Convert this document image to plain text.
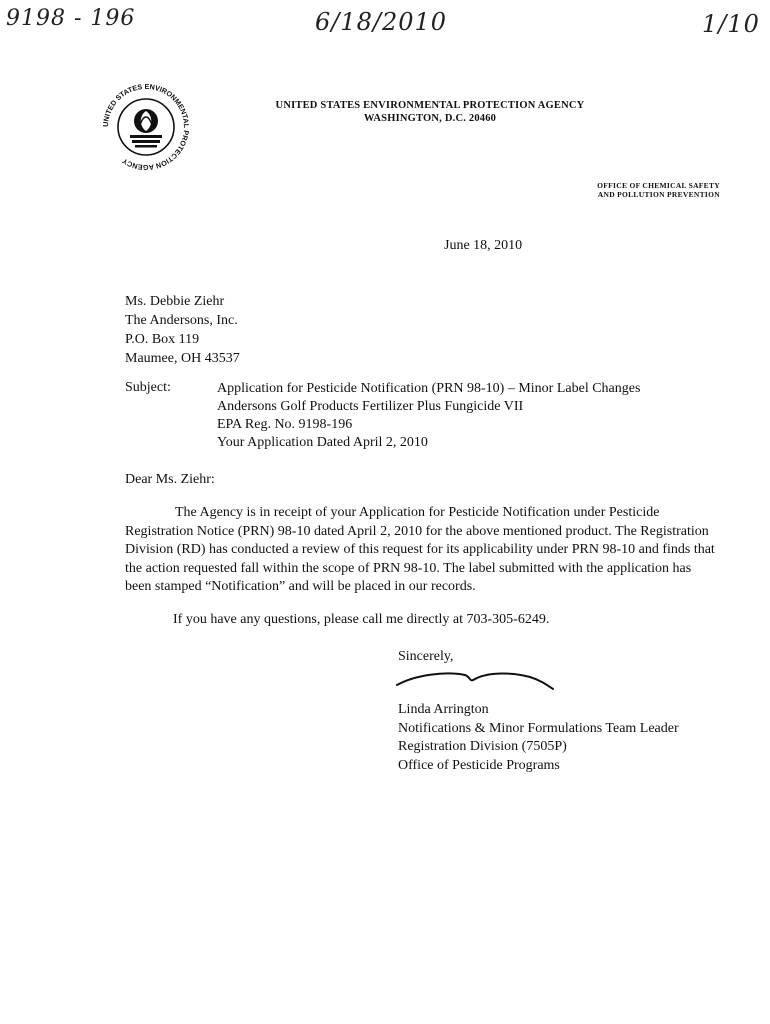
9198 - 196	6/18/2010	1/10
UNITED STATES ENVIRONMENTAL PROTECTION AGENCY
UNITED STATES ENVIRONMENTAL PROTECTION AGENCY
WASHINGTON, D.C. 20460
OFFICE OF CHEMICAL SAFETY
AND POLLUTION PREVENTION
June 18, 2010
Ms. Debbie Ziehr
The Andersons, Inc.
P.O. Box 119
Maumee, OH 43537
Subject:	Application for Pesticide Notification (PRN 98-10) – Minor Label Changes
Andersons Golf Products Fertilizer Plus Fungicide VII
EPA Reg. No. 9198-196
Your Application Dated April 2, 2010
Dear Ms. Ziehr:
The Agency is in receipt of your Application for Pesticide Notification under Pesticide Registration Notice (PRN) 98-10 dated April 2, 2010 for the above mentioned product. The Registration Division (RD) has conducted a review of this request for its applicability under PRN 98-10 and finds that the action requested fall within the scope of PRN 98-10. The label submitted with the application has been stamped “Notification” and will be placed in our records.
If you have any questions, please call me directly at 703-305-6249.
Sincerely,
Linda Arrington
Notifications & Minor Formulations Team Leader
Registration Division (7505P)
Office of Pesticide Programs
